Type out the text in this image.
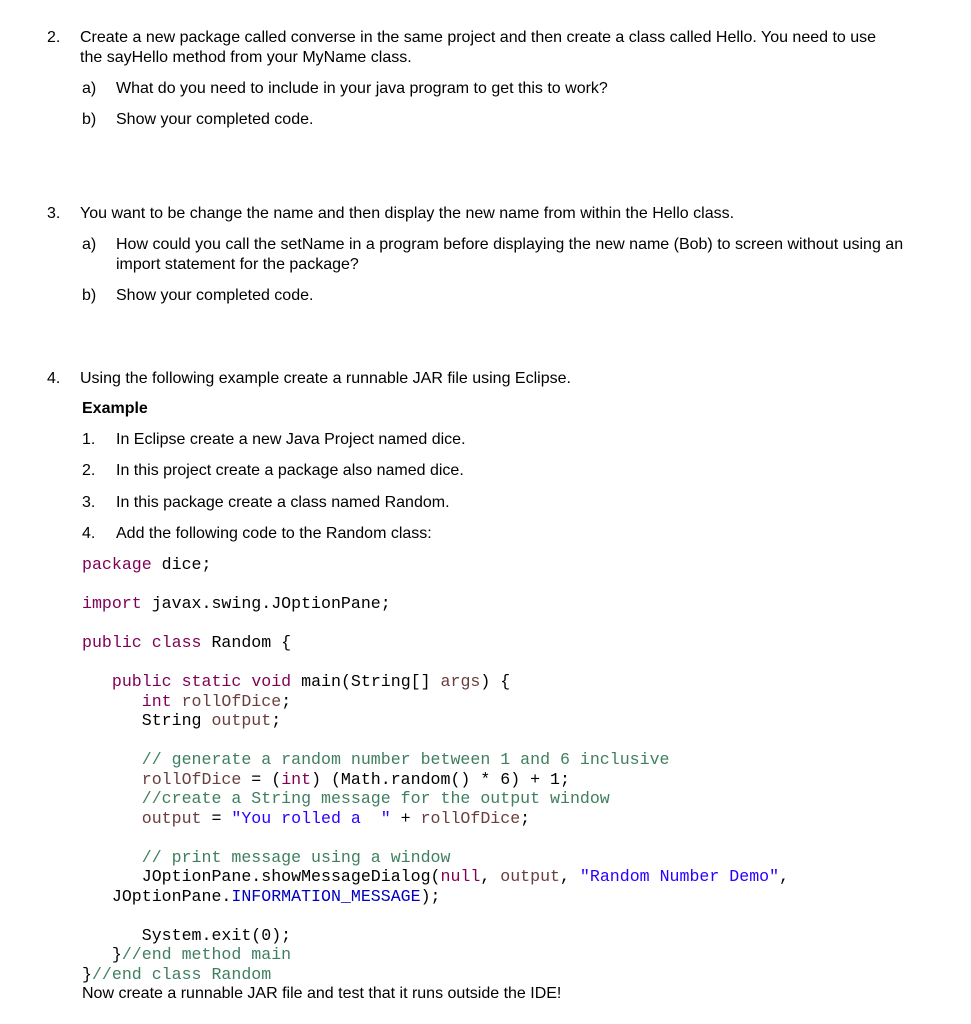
2. Create a new package called converse in the same project and then create a class called Hello. You need to use
the sayHello method from your MyName class.
a) What do you need to include in your java program to get this to work?
b) Show your completed code.
3. You want to be change the name and then display the new name from within the Hello class.
a) How could you call the setName in a program before displaying the new name (Bob) to screen without using an
import statement for the package?
b) Show your completed code.
4. Using the following example create a runnable JAR file using Eclipse.
Example
1. In Eclipse create a new Java Project named dice.
2. In this project create a package also named dice.
3. In this package create a class named Random.
4. Add the following code to the Random class:
package dice;
import javax.swing.JOptionPane;
public class Random {
public static void main(String[] args) {
int rollOfDice;
String output;
// generate a random number between 1 and 6 inclusive
rollOfDice = (int) (Math.random() * 6) + 1;
//create a String message for the output window
output = "You rolled a  " + rollOfDice;
// print message using a window
JOptionPane.showMessageDialog(null, output, "Random Number Demo",
JOptionPane.INFORMATION_MESSAGE);
System.exit(0);
}//end method main
}//end class Random
Now create a runnable JAR file and test that it runs outside the IDE!
